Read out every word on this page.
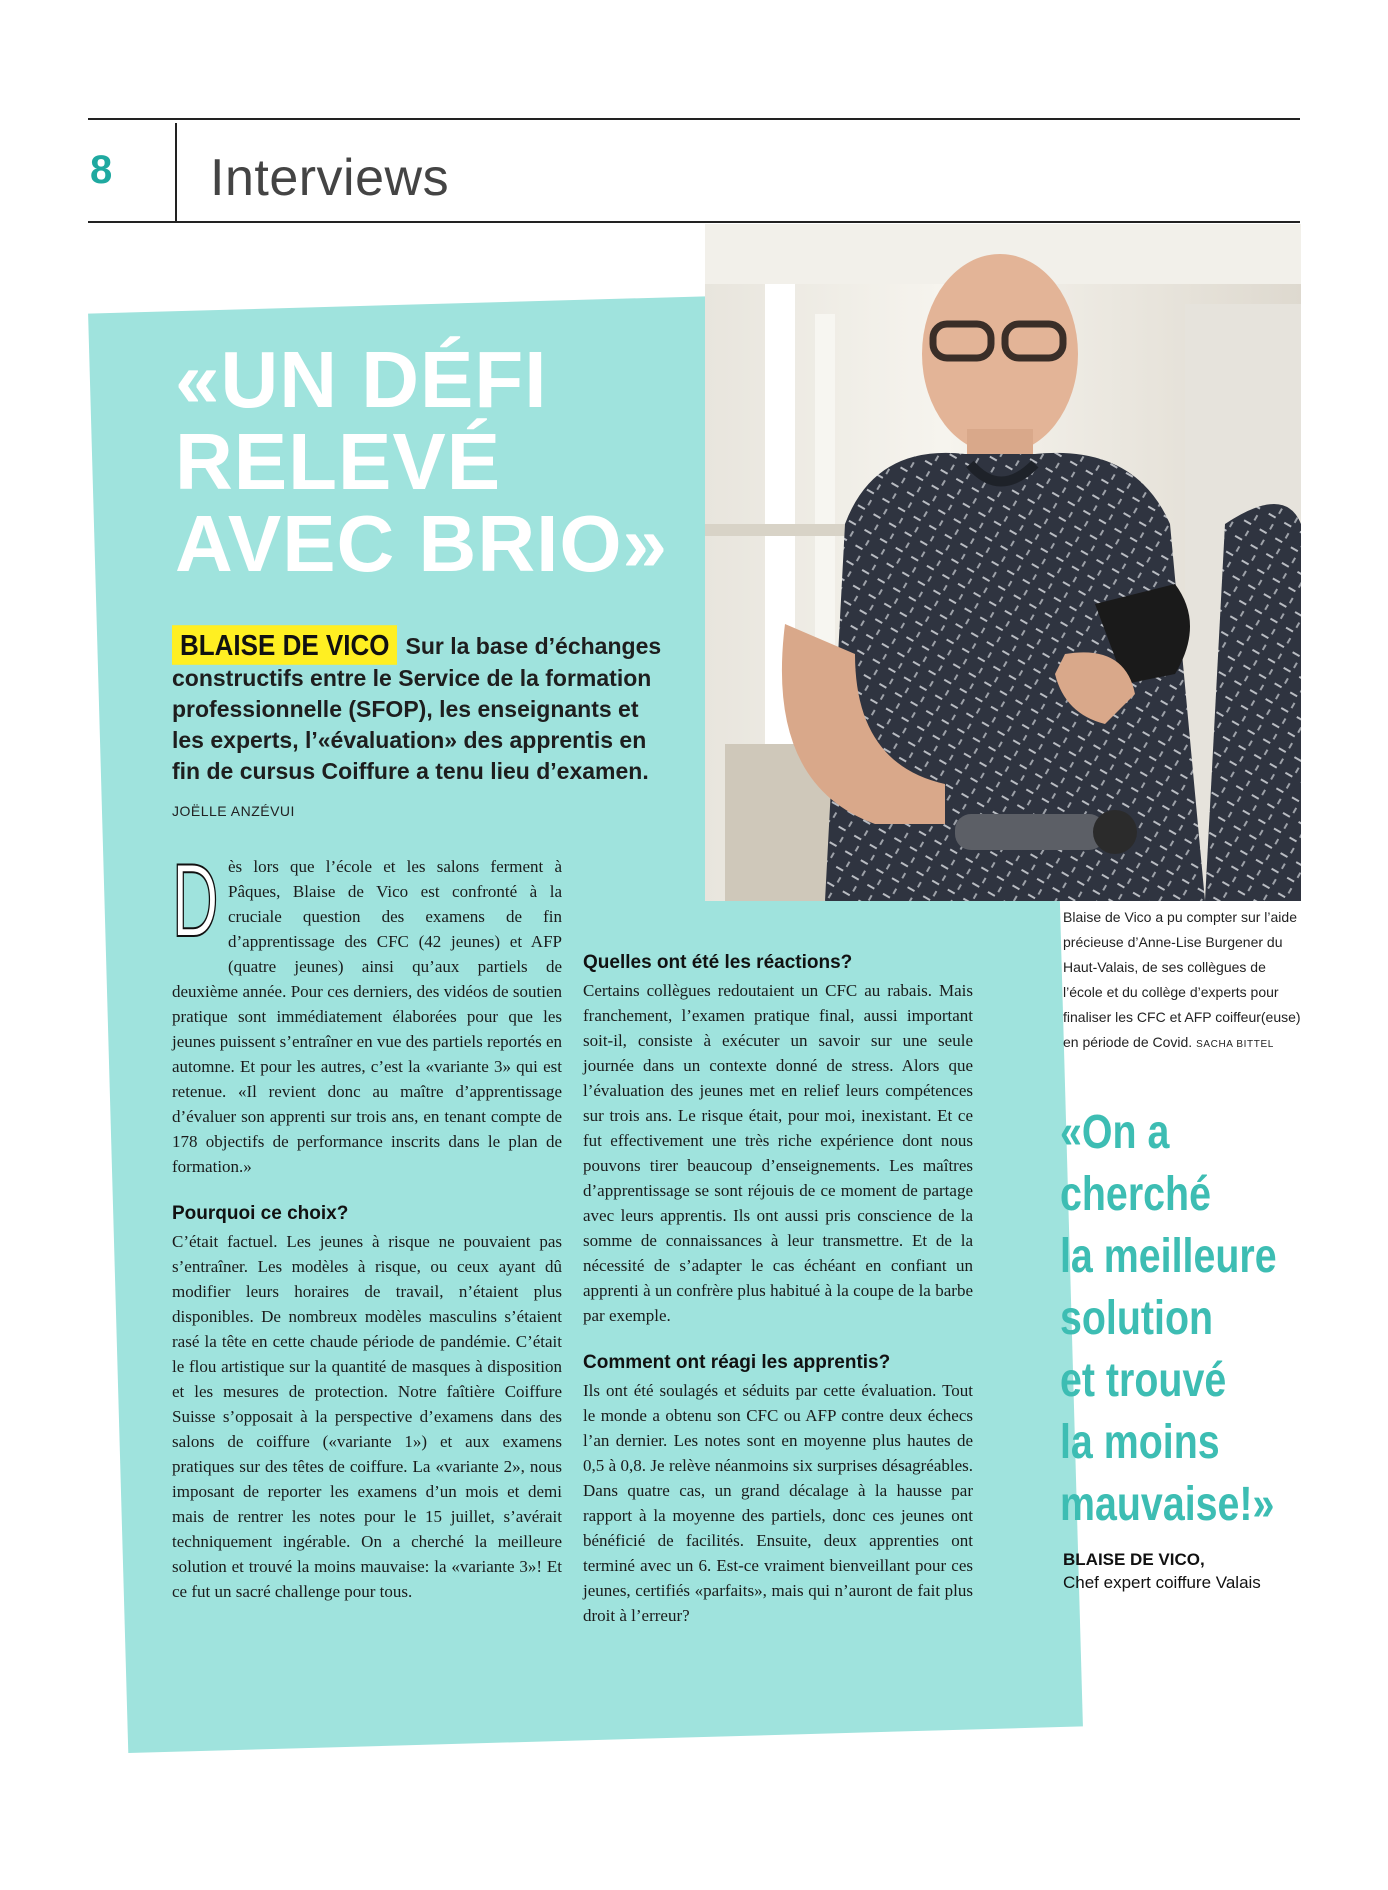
8 Interviews
«UN DÉFI
RELEVÉ
AVEC BRIO»
BLAISE DE VICO Sur la base d’échanges constructifs entre le Service de la formation professionnelle (SFOP), les enseignants et les experts, l’«évaluation» des apprentis en fin de cursus Coiffure a tenu lieu d’examen.
JOËLLE ANZÉVUI

Dès lors que l’école et les salons ferment à Pâques, Blaise de Vico est confronté à la cruciale question des examens de fin d’apprentissage des CFC (42 jeunes) et AFP (quatre jeunes) ainsi qu’aux partiels de deuxième année. Pour ces derniers, des vidéos de soutien pratique sont immédiatement élaborées pour que les jeunes puissent s’entraîner en vue des partiels reportés en automne. Et pour les autres, c’est la «variante 3» qui est retenue. «Il revient donc au maître d’apprentissage d’évaluer son apprenti sur trois ans, en tenant compte de 178 objectifs de performance inscrits dans le plan de formation.»

Pourquoi ce choix?

C’était factuel. Les jeunes à risque ne pouvaient pas s’entraîner. Les modèles à risque, ou ceux ayant dû modifier leurs horaires de travail, n’étaient plus disponibles. De nombreux modèles masculins s’étaient rasé la tête en cette chaude période de pandémie. C’était le flou artistique sur la quantité de masques à disposition et les mesures de protection. Notre faîtière Coiffure Suisse s’opposait à la perspective d’examens dans des salons de coiffure («variante 1») et aux examens pratiques sur des têtes de coiffure. La «variante 2», nous imposant de reporter les examens d’un mois et demi mais de rentrer les notes pour le 15 juillet, s’avérait techniquement ingérable. On a cherché la meilleure solution et trouvé la moins mauvaise: la «variante 3»! Et ce fut un sacré challenge pour tous.

Quelles ont été les réactions?

Certains collègues redoutaient un CFC au rabais. Mais franchement, l’examen pratique final, aussi important soit-il, consiste à exécuter un savoir sur une seule journée dans un contexte donné de stress. Alors que l’évaluation des jeunes met en relief leurs compétences sur trois ans. Le risque était, pour moi, inexistant. Et ce fut effectivement une très riche expérience dont nous pouvons tirer beaucoup d’enseignements. Les maîtres d’apprentissage se sont réjouis de ce moment de partage avec leurs apprentis. Ils ont aussi pris conscience de la somme de connaissances à leur transmettre. Et de la nécessité de s’adapter le cas échéant en confiant un apprenti à un confrère plus habitué à la coupe de la barbe par exemple.

Comment ont réagi les apprentis?

Ils ont été soulagés et séduits par cette évaluation. Tout le monde a obtenu son CFC ou AFP contre deux échecs l’an dernier. Les notes sont en moyenne plus hautes de 0,5 à 0,8. Je relève néanmoins six surprises désagréables. Dans quatre cas, un grand décalage à la hausse par rapport à la moyenne des partiels, donc ces jeunes ont bénéficié de facilités. Ensuite, deux apprenties ont terminé avec un 6. Est-ce vraiment bienveillant pour ces jeunes, certifiés «parfaits», mais qui n’auront de fait plus droit à l’erreur?

Blaise de Vico a pu compter sur l’aide précieuse d’Anne-Lise Burgener du Haut-Valais, de ses collègues de l’école et du collège d’experts pour finaliser les CFC et AFP coiffeur(euse) en période de Covid. SACHA BITTEL
«On a
cherché
la meilleure
solution
et trouvé
la moins
mauvaise!»
BLAISE DE VICO,
Chef expert coiffure Valais
